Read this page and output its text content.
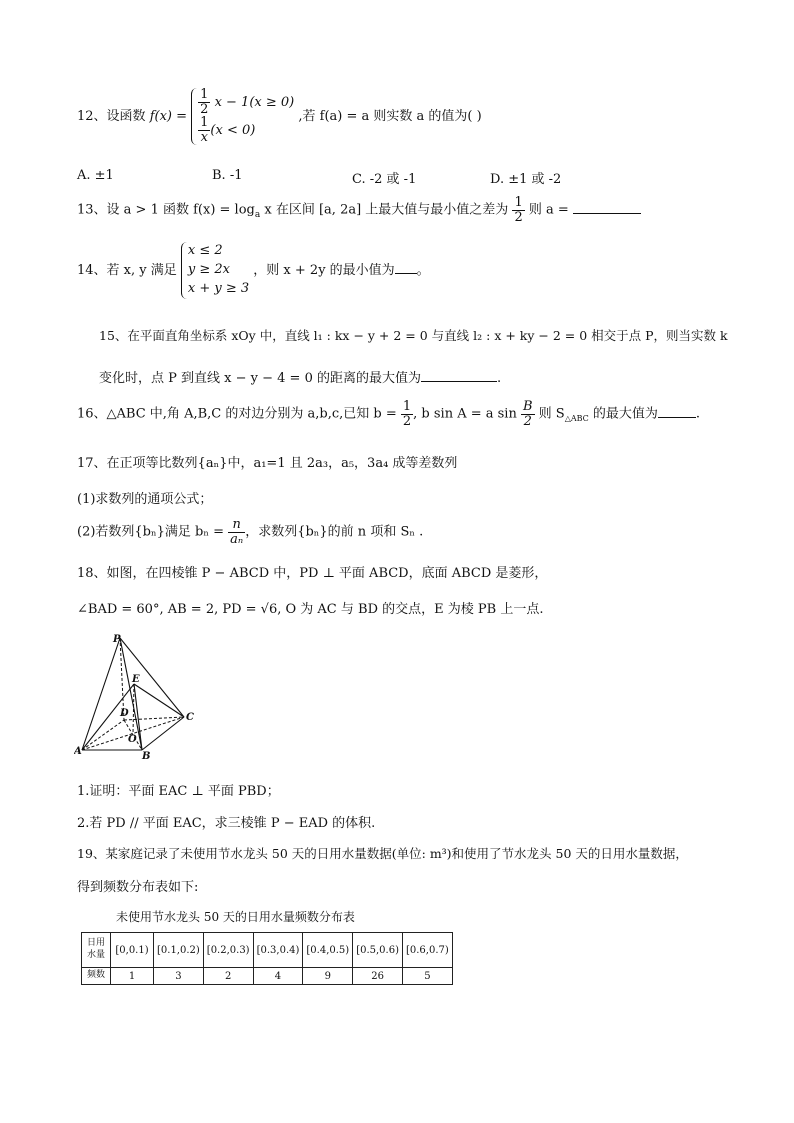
12、设函数 $f(x) = \frac{1}{2}$ x − 1(x ≥ 0)

$\frac{1}{x} (x < 0)$ ,若 f(a) = a 则实数 a 的值为( )
A. ±1	B. -1	C. -2 或 -1	D. ±1 或 -2
13、设 a > 1 函数 $f(x) = \log_a x$ 在区间 [a, 2a] 上最大值与最小值之差为 $\frac{1}{2}$ 则 a =
14、若 x, y 满足 x ≤ 2
y ≥ 2x
x + y ≥ 3 ，则 x + 2y 的最小值为 。
15、在平面直角坐标系 xOy 中，直线 l₁ : kx − y + 2 = 0 与直线 l₂ : x + ky − 2 = 0 相交于点 P，则当实数 k
变化时，点 P 到直线 x − y − 4 = 0 的距离的最大值为	.
16、△ABC 中,角 A,B,C 的对边分别为 a,b,c,已知 $b = \frac{1}{2}$ , b sin A = a $\sin \frac{B}{2}$ 则 $S_{\triangle ABC}$ 的最大值为	.
17、在正项等比数列{aₙ}中，a₁=1 且 2a₃，a₅，3a₄ 成等差数列
(1)求数列的通项公式；
(2)若数列{bₙ}满足 $b_n = \frac{n}{\text{aₙ}}$ ，求数列{bₙ}的前 n 项和 Sₙ .
18、如图，在四棱锥 P − ABCD 中，PD ⊥ 平面 ABCD，底面 ABCD 是菱形，
∠BAD = 60°, AB = 2, PD = √6, O 为 AC 与 BD 的交点，E 为棱 PB 上一点.
P
E
D	C
O
A	B
1.证明：平面 EAC ⊥ 平面 PBD；
2.若 PD // 平面 EAC，求三棱锥 P − EAD 的体积.
19、某家庭记录了未使用节水龙头 50 天的日用水量数据(单位: m³)和使用了节水龙头 50 天的日用水量数据，
得到频数分布表如下:
未使用节水龙头 50 天的日用水量频数分布表
日用水量	[0,0.1)	[0.1,0.2)	[0.2,0.3)	[0.3,0.4)	[0.4,0.5)	[0.5,0.6)	[0.6,0.7)
频数	1	3	2	4	9	26	5
